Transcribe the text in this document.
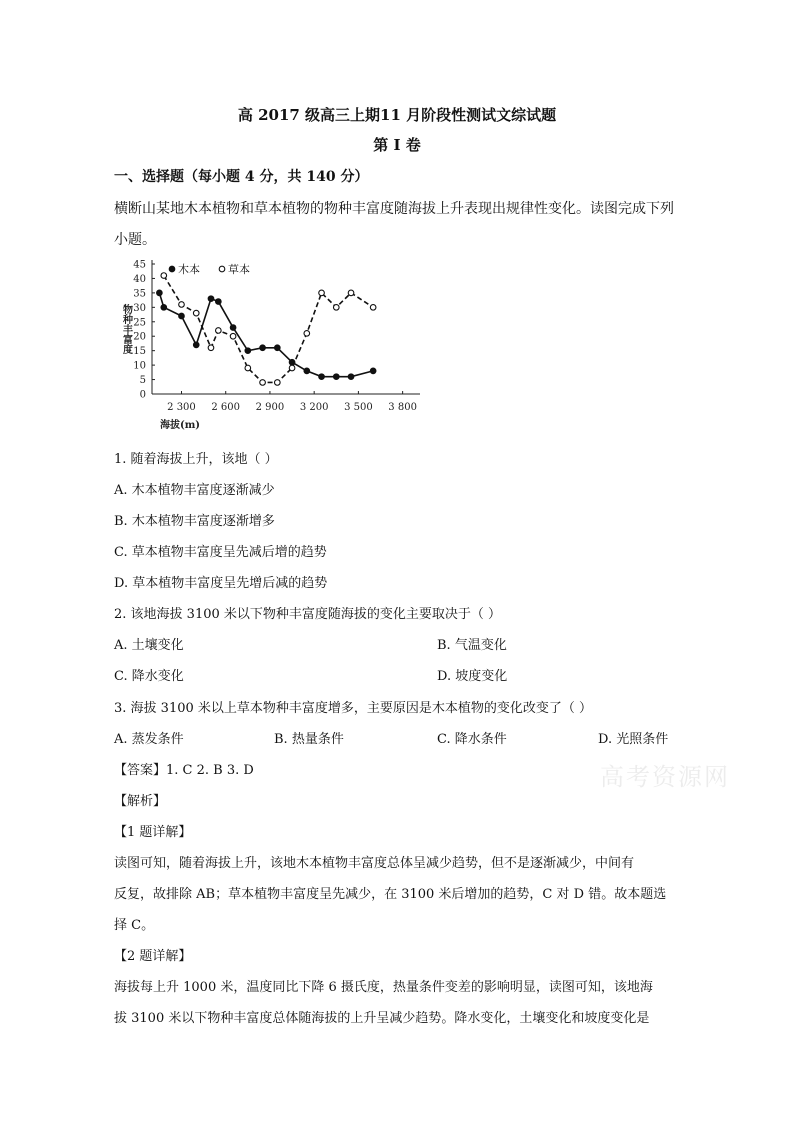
高 2017 级高三上期11 月阶段性测试文综试题
第 I 卷
一、选择题（每小题 4 分，共 140 分）
横断山某地木本植物和草本植物的物种丰富度随海拔上升表现出规律性变化。读图完成下列
小题。
0
5
10
15
20
25
30
35
40
45
2 300 2 600 2 900 3 200 3 500 3 800
海拔(m)
物种丰富度
木本	草本
1. 随着海拔上升，该地（ ）
A. 木本植物丰富度逐渐减少
B. 木本植物丰富度逐渐增多
C. 草本植物丰富度呈先减后增的趋势
D. 草本植物丰富度呈先增后减的趋势
2. 该地海拔 3100 米以下物种丰富度随海拔的变化主要取决于（ ）
A. 土壤变化	B. 气温变化
C. 降水变化	D. 坡度变化
3. 海拔 3100 米以上草本物种丰富度增多，主要原因是木本植物的变化改变了（ ）
A. 蒸发条件	B. 热量条件	C. 降水条件	D. 光照条件
【答案】1. C 2. B 3. D	高考资源网
【解析】
【1 题详解】
读图可知，随着海拔上升，该地木本植物丰富度总体呈减少趋势，但不是逐渐减少，中间有
反复，故排除 AB；草本植物丰富度呈先减少，在 3100 米后增加的趋势，C 对 D 错。故本题选
择 C。
【2 题详解】
海拔每上升 1000 米，温度同比下降 6 摄氏度，热量条件变差的影响明显，读图可知，该地海
拔 3100 米以下物种丰富度总体随海拔的上升呈减少趋势。降水变化，土壤变化和坡度变化是
